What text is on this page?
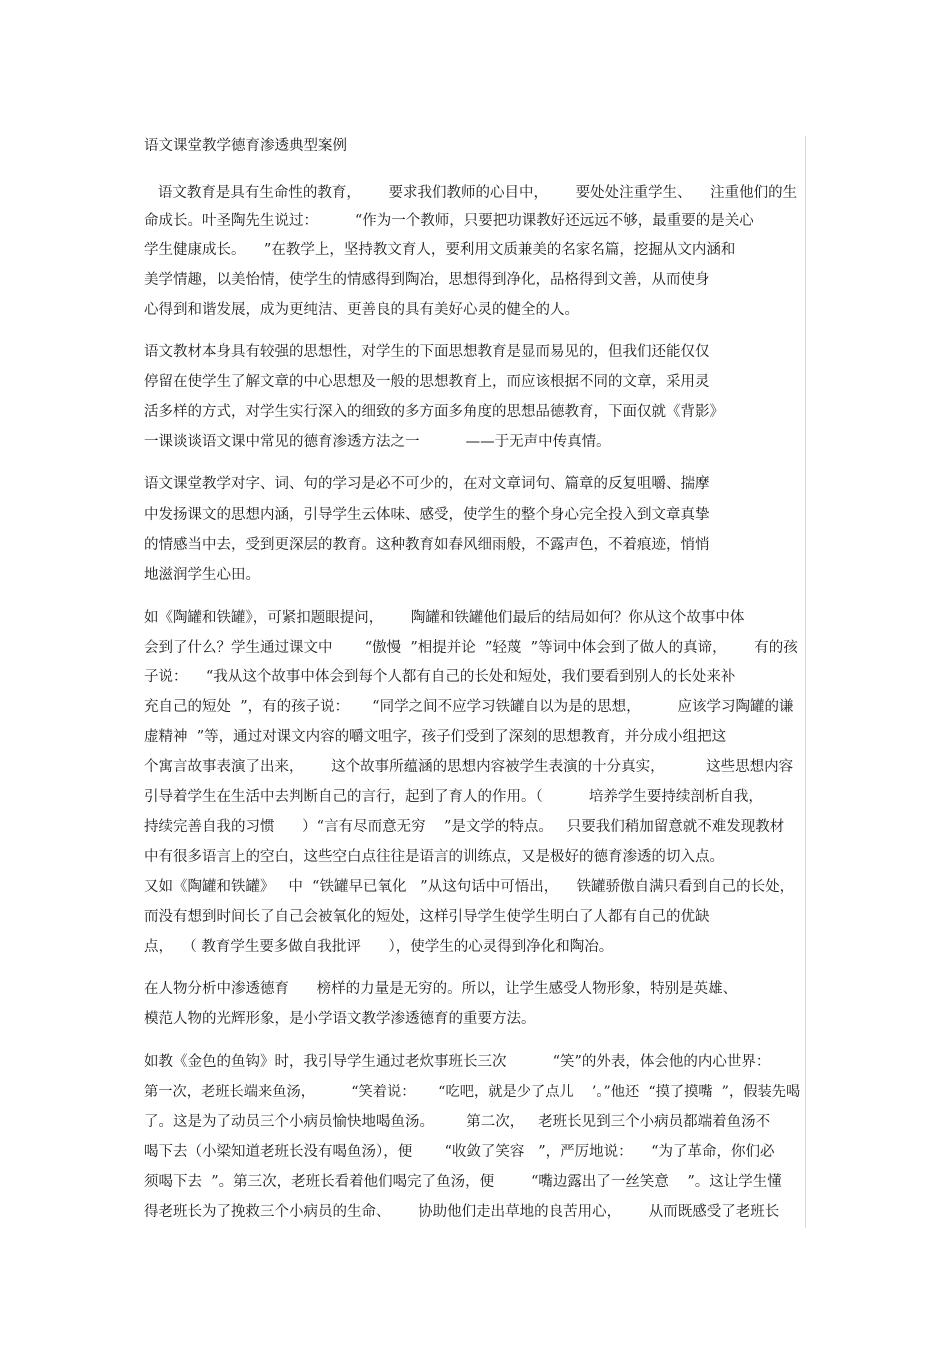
语文课堂教学德育渗透典型案例
语文教育是具有生命性的教育，      要求我们教师的心目中，      要处处注重学生、    注重他们的生
命成长。叶圣陶先生说过：        “作为一个教师，只要把功课教好还远远不够，最重要的是关心
学生健康成长。    ”在教学上，坚持教文育人，要利用文质兼美的名家名篇，挖掘从文内涵和
美学情趣，以美怡情，使学生的情感得到陶冶，思想得到净化，品格得到文善，从而使身
心得到和谐发展，成为更纯洁、更善良的具有美好心灵的健全的人。
语文教材本身具有较强的思想性，对学生的下面思想教育是显而易见的，但我们还能仅仅
停留在使学生了解文章的中心思想及一般的思想教育上，而应该根据不同的文章，采用灵
活多样的方式，对学生实行深入的细致的多方面多角度的思想品德教育，下面仅就《背影》
一课谈谈语文课中常见的德育渗透方法之一          ——于无声中传真情。
语文课堂教学对字、词、句的学习是必不可少的，在对文章词句、篇章的反复咀嚼、揣摩
中发扬课文的思想内涵，引导学生云体味、感受，使学生的整个身心完全投入到文章真挚
的情感当中去，受到更深层的教育。这种教育如春风细雨般，不露声色，不着痕迹，悄悄
地滋润学生心田。
如《陶罐和铁罐》，可紧扣题眼提问，      陶罐和铁罐他们最后的结局如何？你从这个故事中体
会到了什么？学生通过课文中       “傲慢  ”相提并论  ”轻蔑  ”等词中体会到了做人的真谛，      有的孩
子说：    “我从这个故事中体会到每个人都有自己的长处和短处，我们要看到别人的长处来补
充自己的短处  ”，有的孩子说：     “同学之间不应学习铁罐自以为是的思想，        应该学习陶罐的谦
虚精神  ”等，通过对课文内容的嚼文咀字，孩子们受到了深刻的思想教育，并分成小组把这
个寓言故事表演了出来，      这个故事所蕴涵的思想内容被学生表演的十分真实，         这些思想内容
引导着学生在生活中去判断自己的言行，起到了育人的作用。（          培养学生要持续剖析自我，
持续完善自我的习惯      ）“言有尽而意无穷    ”是文学的特点。   只要我们稍加留意就不难发现教材
中有很多语言上的空白，这些空白点往往是语言的训练点，又是极好的德育渗透的切入点。
又如《陶罐和铁罐》   中  “铁罐早已氧化   ”从这句话中可悟出，    铁罐骄傲自满只看到自己的长处，
而没有想到时间长了自己会被氧化的短处，这样引导学生使学生明白了人都有自己的优缺
点，  （ 教育学生要多做自我批评      ），使学生的心灵得到净化和陶冶。
在人物分析中渗透德育      榜样的力量是无穷的。所以，让学生感受人物形象，特别是英雄、
模范人物的光辉形象，是小学语文教学渗透德育的重要方法。
如教《金色的鱼钩》时，我引导学生通过老炊事班长三次          “笑”的外表，体会他的内心世界：
第一次，老班长端来鱼汤，        “笑着说：     “吃吧，就是少了点儿    ’。”他还  “摸了摸嘴  ”，假装先喝
了。这是为了动员三个小病员愉快地喝鱼汤。       第二次，   老班长见到三个小病员都端着鱼汤不
喝下去（小梁知道老班长没有喝鱼汤），便       “收敛了笑容   ”，严厉地说：    “为了革命，你们必
须喝下去  ”。第三次，老班长看着他们喝完了鱼汤，便        “嘴边露出了一丝笑意    ”。这让学生懂
得老班长为了挽救三个小病员的生命、      协助他们走出草地的良苦用心，      从而既感受了老班长
